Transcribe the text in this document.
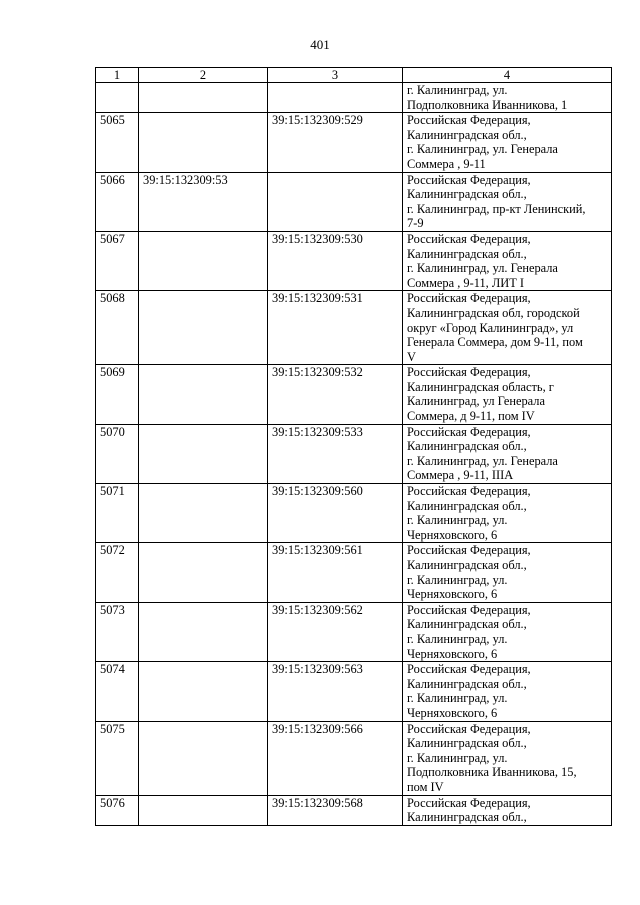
401
1	2	3	4

			г. Калининград, ул.
Подполковника Иванникова, 1

5065		39:15:132309:529	Российская Федерация,
Калининградская обл.,
г. Калининград, ул. Генерала
Соммера , 9-11

5066	39:15:132309:53		Российская Федерация,
Калининградская обл.,
г. Калининград, пр-кт Ленинский,
7-9

5067		39:15:132309:530	Российская Федерация,
Калининградская обл.,
г. Калининград, ул. Генерала
Соммера , 9-11, ЛИТ I

5068		39:15:132309:531	Российская Федерация,
Калининградская обл, городской
округ «Город Калининград», ул
Генерала Соммера, дом 9-11, пом
V

5069		39:15:132309:532	Российская Федерация,
Калининградская область, г
Калининград, ул Генерала
Соммера, д 9-11, пом IV

5070		39:15:132309:533	Российская Федерация,
Калининградская обл.,
г. Калининград, ул. Генерала
Соммера , 9-11, IIIA

5071		39:15:132309:560	Российская Федерация,
Калининградская обл.,
г. Калининград, ул.
Черняховского, 6

5072		39:15:132309:561	Российская Федерация,
Калининградская обл.,
г. Калининград, ул.
Черняховского, 6

5073		39:15:132309:562	Российская Федерация,
Калининградская обл.,
г. Калининград, ул.
Черняховского, 6

5074		39:15:132309:563	Российская Федерация,
Калининградская обл.,
г. Калининград, ул.
Черняховского, 6

5075		39:15:132309:566	Российская Федерация,
Калининградская обл.,
г. Калининград, ул.
Подполковника Иванникова, 15,
пом IV

5076		39:15:132309:568	Российская Федерация,
Калининградская обл.,
